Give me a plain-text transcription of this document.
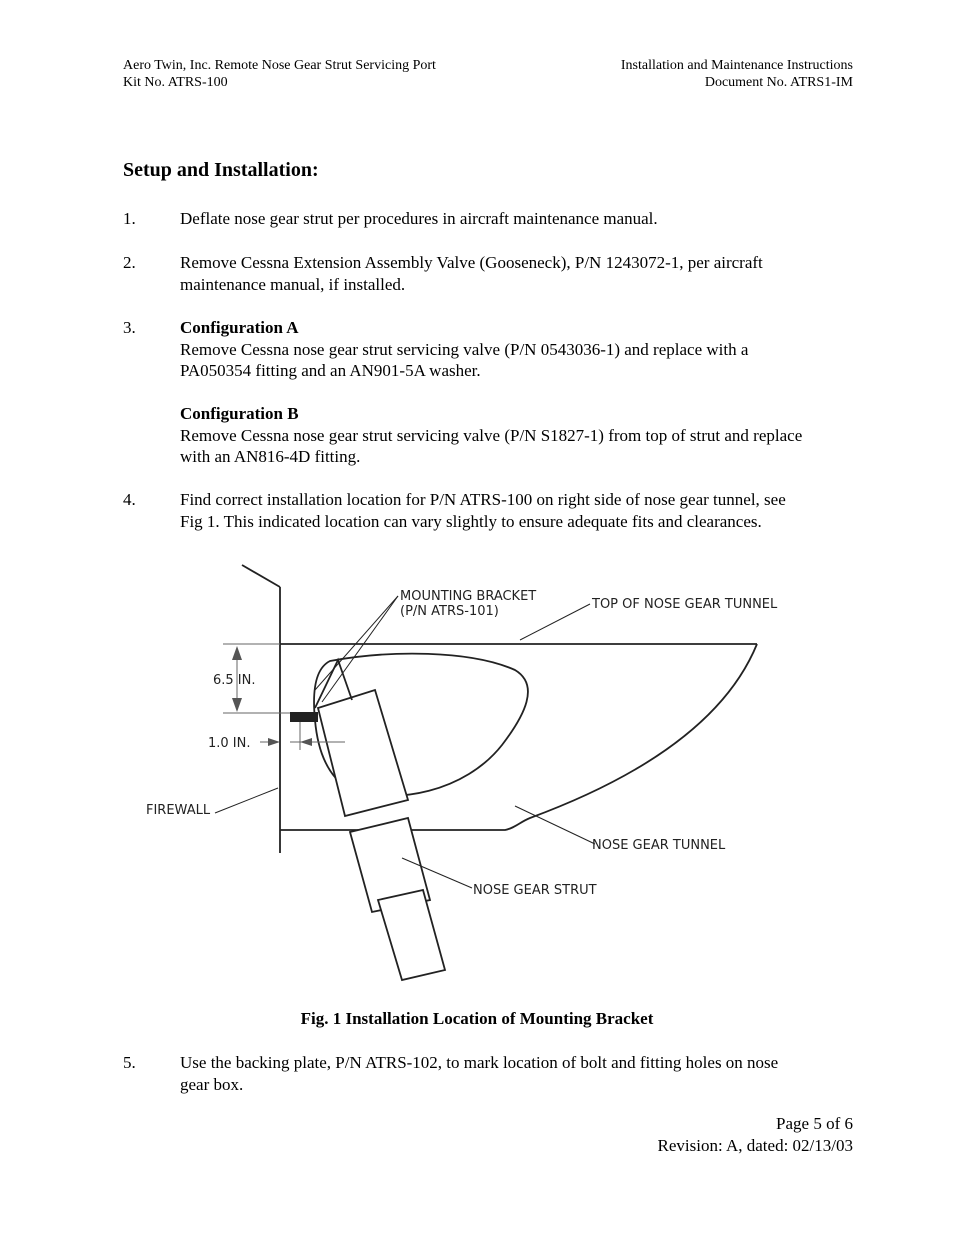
Aero Twin, Inc. Remote Nose Gear Strut Servicing Port
Kit No. ATRS-100
Installation and Maintenance Instructions
Document No. ATRS1-IM
Setup and Installation:
1.	Deflate nose gear strut per procedures in aircraft maintenance manual.
2.	Remove Cessna Extension Assembly Valve (Gooseneck), P/N 1243072-1, per aircraft
maintenance manual, if installed.
3.	Configuration A
Remove Cessna nose gear strut servicing valve (P/N 0543036-1) and replace with a
PA050354 fitting and an AN901-5A washer.
Configuration B
Remove Cessna nose gear strut servicing valve (P/N S1827-1) from top of strut and replace
with an AN816-4D fitting.
4.	Find correct installation location for P/N ATRS-100 on right side of nose gear tunnel, see
Fig 1. This indicated location can vary slightly to ensure adequate fits and clearances.
MOUNTING BRACKET
(P/N ATRS-101)	TOP OF NOSE GEAR TUNNEL
6.5 IN.
1.0 IN.
FIREWALL
NOSE GEAR TUNNEL
NOSE GEAR STRUT
Fig. 1 Installation Location of Mounting Bracket
5.	Use the backing plate, P/N ATRS-102, to mark location of bolt and fitting holes on nose
gear box.
Page 5 of 6
Revision: A, dated: 02/13/03
